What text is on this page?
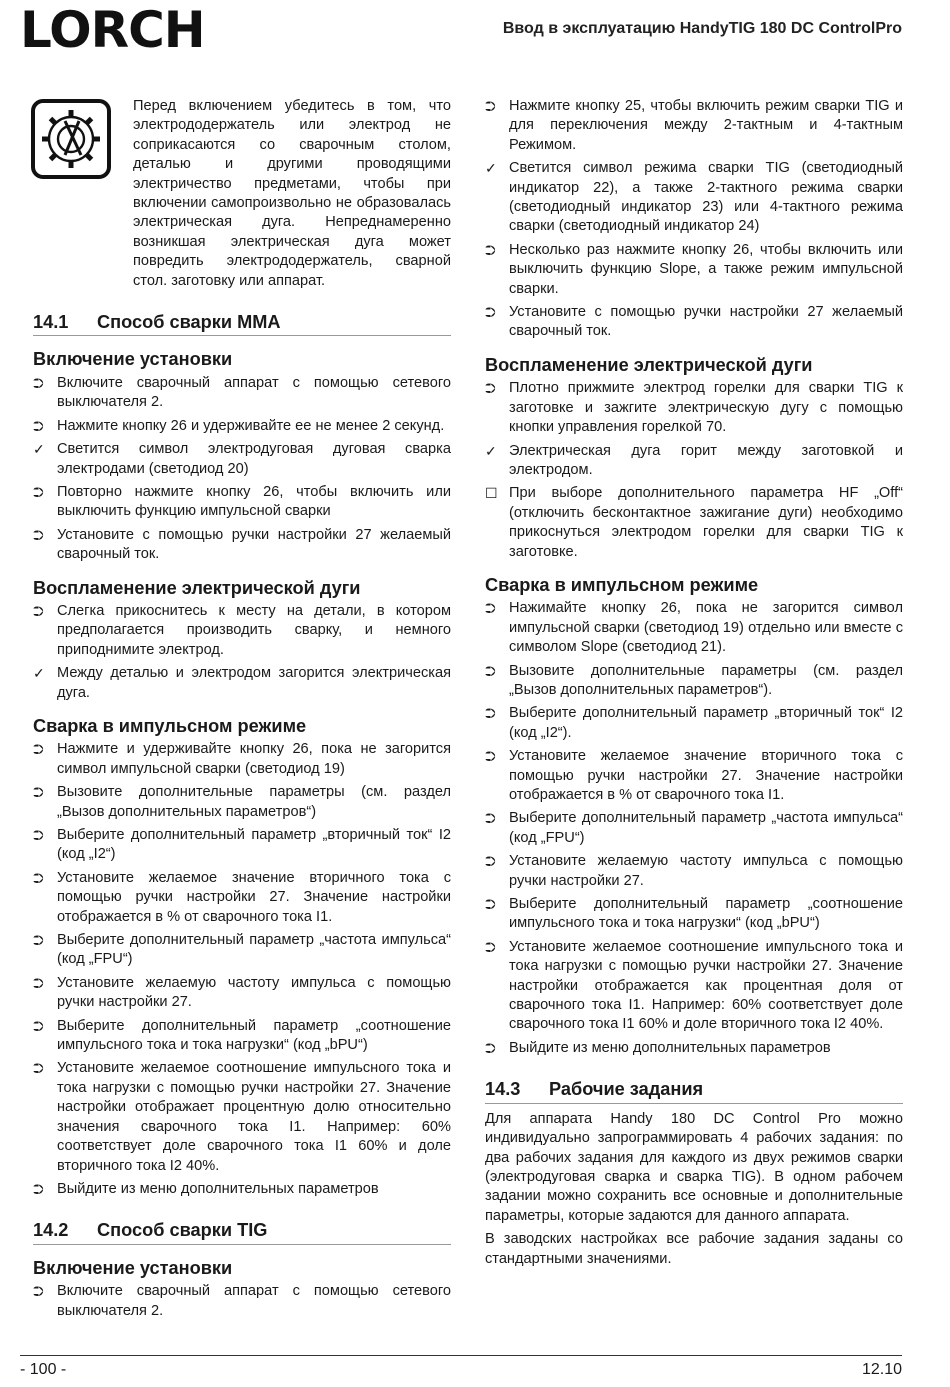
LORCH	Ввод в эксплуатацию HandyTIG 180 DC ControlPro
Перед включением убедитесь в том, что электрододержатель или электрод не соприкасаются со сварочным столом, деталью и другими проводящими электричество предметами, чтобы при включении самопроизвольно не образовалась электрическая дуга. Непреднамеренно возникшая электрическая дуга может повредить электрододержатель, сварной стол. заготовку или аппарат.
14.1	Способ сварки MMA
Включение установки
⮊ Включите сварочный аппарат с помощью сетевого выключателя 2.
⮊ Нажмите кнопку 26 и удерживайте ее не менее 2 секунд.
✓ Светится символ электродуговая дуговая сварка электродами (светодиод 20)
⮊ Повторно нажмите кнопку 26, чтобы включить или выключить функцию импульсной сварки
⮊ Установите с помощью ручки настройки 27 желаемый сварочный ток.
Воспламенение электрической дуги
⮊ Слегка прикоснитесь к месту на детали, в котором предполагается производить сварку, и немного приподнимите электрод.
✓ Между деталью и электродом загорится электрическая дуга.
Сварка в импульсном режиме
⮊ Нажмите и удерживайте кнопку 26, пока не загорится символ импульсной сварки (светодиод 19)
⮊ Вызовите дополнительные параметры (см. раздел „Вызов дополнительных параметров“)
⮊ Выберите дополнительный параметр „вторичный ток“ I2 (код „I2“)
⮊ Установите желаемое значение вторичного тока с помощью ручки настройки 27. Значение настройки отображается в % от сварочного тока I1.
⮊ Выберите дополнительный параметр „частота импульса“ (код „FPU“)
⮊ Установите желаемую частоту импульса с помощью ручки настройки 27.
⮊ Выберите дополнительный параметр „соотношение импульсного тока и тока нагрузки“ (код „bPU“)
⮊ Установите желаемое соотношение импульсного тока и тока нагрузки с помощью ручки настройки 27. Значение настройки отображает процентную долю относительно значения сварочного тока I1. Например: 60% соответствует доле сварочного тока I1 60% и доле вторичного тока I2 40%.
⮊ Выйдите из меню дополнительных параметров
14.2	Способ сварки TIG
Включение установки
⮊ Включите сварочный аппарат с помощью сетевого выключателя 2.
⮊ Нажмите кнопку 25, чтобы включить режим сварки TIG и для переключения между 2-тактным и 4-тактным Режимом.
✓ Светится символ режима сварки TIG (светодиодный индикатор 22), а также 2-тактного режима сварки (светодиодный индикатор 23) или 4-тактного режима сварки (светодиодный индикатор 24)
⮊ Несколько раз нажмите кнопку 26, чтобы включить или выключить функцию Slope, а также режим импульсной сварки.
⮊ Установите с помощью ручки настройки 27 желаемый сварочный ток.
Воспламенение электрической дуги
⮊ Плотно прижмите электрод горелки для сварки TIG к заготовке и зажгите электрическую дугу с помощью кнопки управления горелкой 70.
✓ Электрическая дуга горит между заготовкой и электродом.
☐ При выборе дополнительного параметра HF „Off“ (отключить бесконтактное зажигание дуги) необходимо прикоснуться электродом горелки для сварки TIG к заготовке.
Сварка в импульсном режиме
⮊ Нажимайте кнопку 26, пока не загорится символ импульсной сварки (светодиод 19) отдельно или вместе с символом Slope (светодиод 21).
⮊ Вызовите дополнительные параметры (см. раздел „Вызов дополнительных параметров“).
⮊ Выберите дополнительный параметр „вторичный ток“ I2 (код „I2“).
⮊ Установите желаемое значение вторичного тока с помощью ручки настройки 27. Значение настройки отображается в % от сварочного тока I1.
⮊ Выберите дополнительный параметр „частота импульса“ (код „FPU“)
⮊ Установите желаемую частоту импульса с помощью ручки настройки 27.
⮊ Выберите дополнительный параметр „соотношение импульсного тока и тока нагрузки“ (код „bPU“)
⮊ Установите желаемое соотношение импульсного тока и тока нагрузки с помощью ручки настройки 27. Значение настройки отображается как процентная доля от сварочного тока I1. Например: 60% соответствует доле сварочного тока I1 60% и доле вторичного тока I2 40%.
⮊ Выйдите из меню дополнительных параметров
14.3	Рабочие задания

Для аппарата Handy 180 DC Control Pro можно индивидуально запрограммировать 4 рабочих задания: по два рабочих задания для каждого из двух режимов сварки (электродуговая сварка и сварка TIG). В одном рабочем задании можно сохранить все основные и дополнительные параметры, которые задаются для данного аппарата.

В заводских настройках все рабочие задания заданы со стандартными значениями.

- 100 -	12.10
